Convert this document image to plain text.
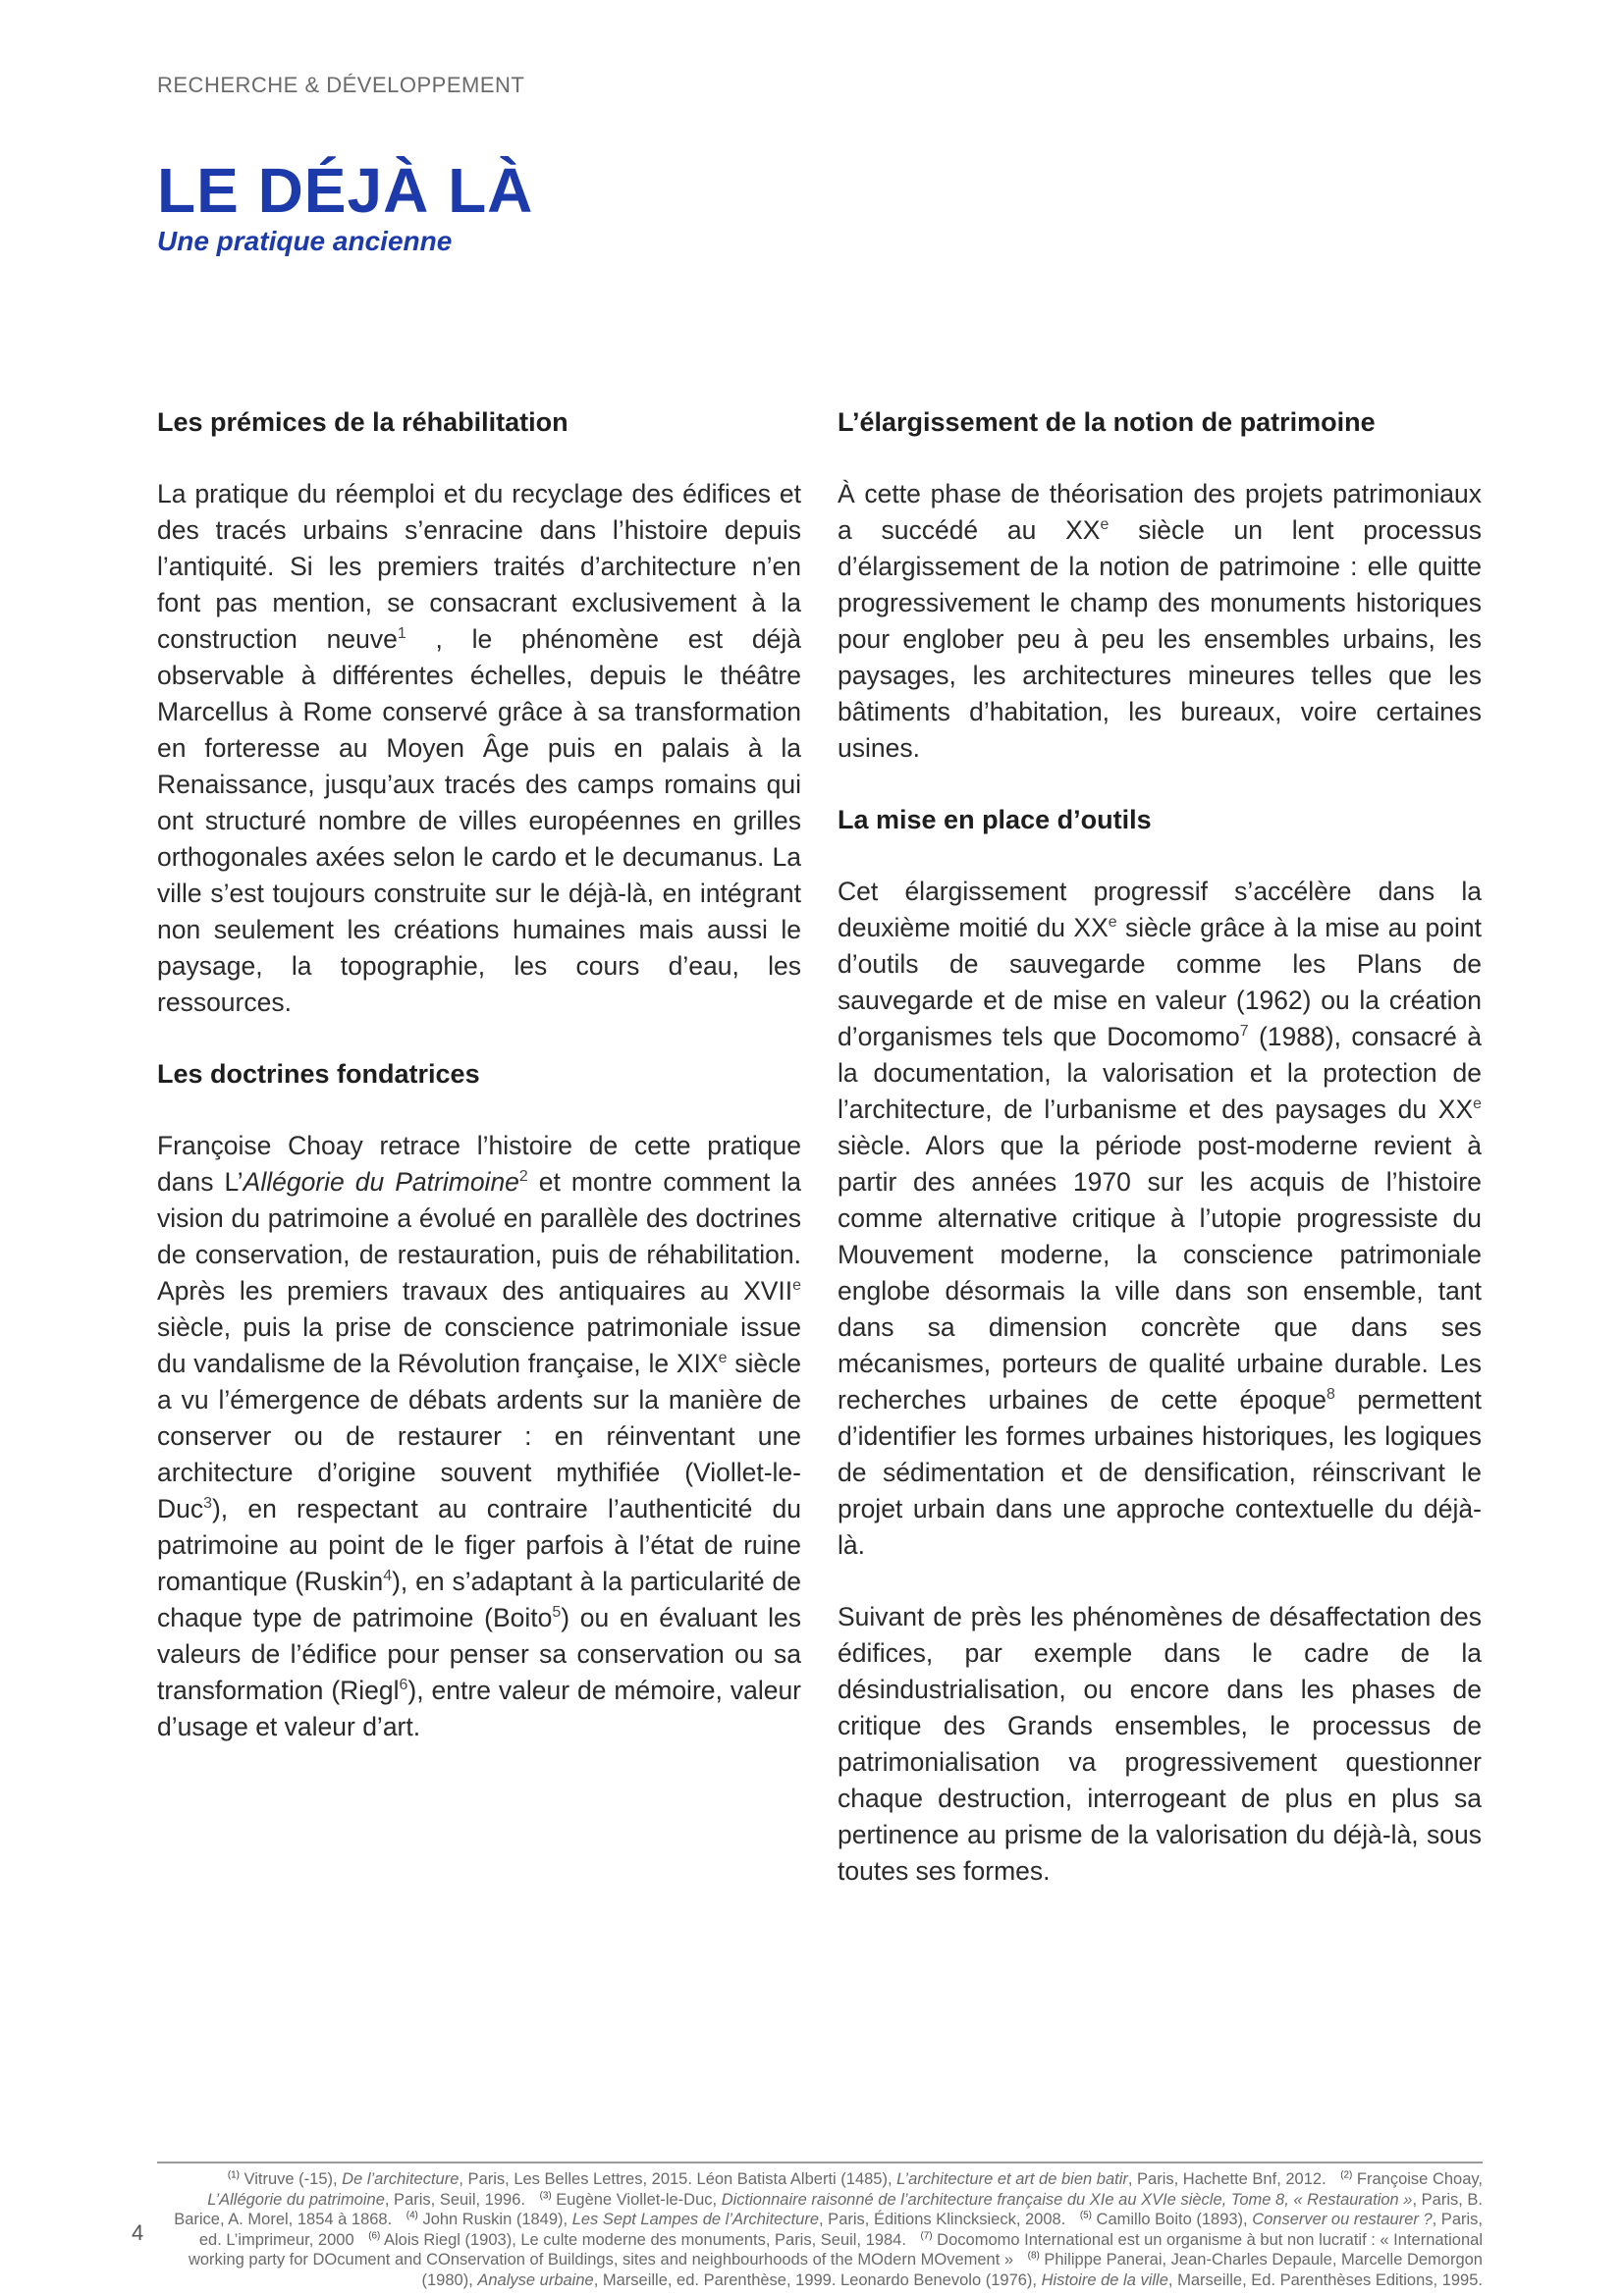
RECHERCHE & DÉVELOPPEMENT
LE DÉJÀ LÀ
Une pratique ancienne
Les prémices de la réhabilitation

La pratique du réemploi et du recyclage des édifices et des tracés urbains s’enracine dans l’histoire depuis l’antiquité. Si les premiers traités d’architecture n’en font pas mention, se consacrant exclusivement à la construction neuve$^1$ , le phénomène est déjà observable à différentes échelles, depuis le théâtre Marcellus à Rome conservé grâce à sa transformation en forteresse au Moyen Âge puis en palais à la Renaissance, jusqu’aux tracés des camps romains qui ont structuré nombre de villes européennes en grilles orthogonales axées selon le cardo et le decumanus. La ville s’est toujours construite sur le déjà-là, en intégrant non seulement les créations humaines mais aussi le paysage, la topographie, les cours d’eau, les ressources.

Les doctrines fondatrices

Françoise Choay retrace l’histoire de cette pratique dans L’Allégorie du Patrimoine$^2$ et montre comment la vision du patrimoine a évolué en parallèle des doctrines de conservation, de restauration, puis de réhabilitation. Après les premiers travaux des antiquaires au XVIIe siècle, puis la prise de conscience patrimoniale issue du vandalisme de la Révolution française, le XIXe siècle a vu l’émergence de débats ardents sur la manière de conserver ou de restaurer : en réinventant une architecture d’origine souvent mythifiée (Viollet-le-Duc$^3$), en respectant au contraire l’authenticité du patrimoine au point de le figer parfois à l’état de ruine romantique (Ruskin$^4$), en s’adaptant à la particularité de chaque type de patrimoine (Boito$^5$) ou en évaluant les valeurs de l’édifice pour penser sa conservation ou sa transformation (Riegl$^6$), entre valeur de mémoire, valeur d’usage et valeur d’art.

L’élargissement de la notion de patrimoine

À cette phase de théorisation des projets patrimoniaux a succédé au XXe siècle un lent processus d’élargissement de la notion de patrimoine : elle quitte progressivement le champ des monuments historiques pour englober peu à peu les ensembles urbains, les paysages, les architectures mineures telles que les bâtiments d’habitation, les bureaux, voire certaines usines.

La mise en place d’outils

Cet élargissement progressif s’accélère dans la deuxième moitié du XXe siècle grâce à la mise au point d’outils de sauvegarde comme les Plans de sauvegarde et de mise en valeur (1962) ou la création d’organismes tels que Docomomo$^7$ (1988), consacré à la documentation, la valorisation et la protection de l’architecture, de l’urbanisme et des paysages du XXe siècle. Alors que la période post-moderne revient à partir des années 1970 sur les acquis de l’histoire comme alternative critique à l’utopie progressiste du Mouvement moderne, la conscience patrimoniale englobe désormais la ville dans son ensemble, tant dans sa dimension concrète que dans ses mécanismes, porteurs de qualité urbaine durable. Les recherches urbaines de cette époque$^8$ permettent d’identifier les formes urbaines historiques, les logiques de sédimentation et de densification, réinscrivant le projet urbain dans une approche contextuelle du déjà-là.

Suivant de près les phénomènes de désaffectation des édifices, par exemple dans le cadre de la désindustrialisation, ou encore dans les phases de critique des Grands ensembles, le processus de patrimonialisation va progressivement questionner chaque destruction, interrogeant de plus en plus sa pertinence au prisme de la valorisation du déjà-là, sous toutes ses formes.

4
$^{(1)}$ Vitruve (-15), De l’architecture, Paris, Les Belles Lettres, 2015. Léon Batista Alberti (1485), L’architecture et art de bien batir, Paris, Hachette Bnf, 2012. $^{(2)}$ Françoise Choay, L’Allégorie du patrimoine, Paris, Seuil, 1996. $^{(3)}$ Eugène Viollet-le-Duc, Dictionnaire raisonné de l’architecture française du XIe au XVIe siècle, Tome 8, « Restauration », Paris, B. Barice, A. Morel, 1854 à 1868. $^{(4)}$ John Ruskin (1849), Les Sept Lampes de l’Architecture, Paris, Éditions Klincksieck, 2008. $^{(5)}$ Camillo Boito (1893), Conserver ou restaurer ?, Paris, ed. L’imprimeur, 2000 $^{(6)}$ Alois Riegl (1903), Le culte moderne des monuments, Paris, Seuil, 1984. $^{(7)}$ Docomomo International est un organisme à but non lucratif : « International working party for DOcument and COnservation of Buildings, sites and neighbourhoods of the MOdern MOvement » $^{(8)}$ Philippe Panerai, Jean-Charles Depaule, Marcelle Demorgon (1980), Analyse urbaine, Marseille, ed. Parenthèse, 1999. Leonardo Benevolo (1976), Histoire de la ville, Marseille, Ed. Parenthèses Editions, 1995.
